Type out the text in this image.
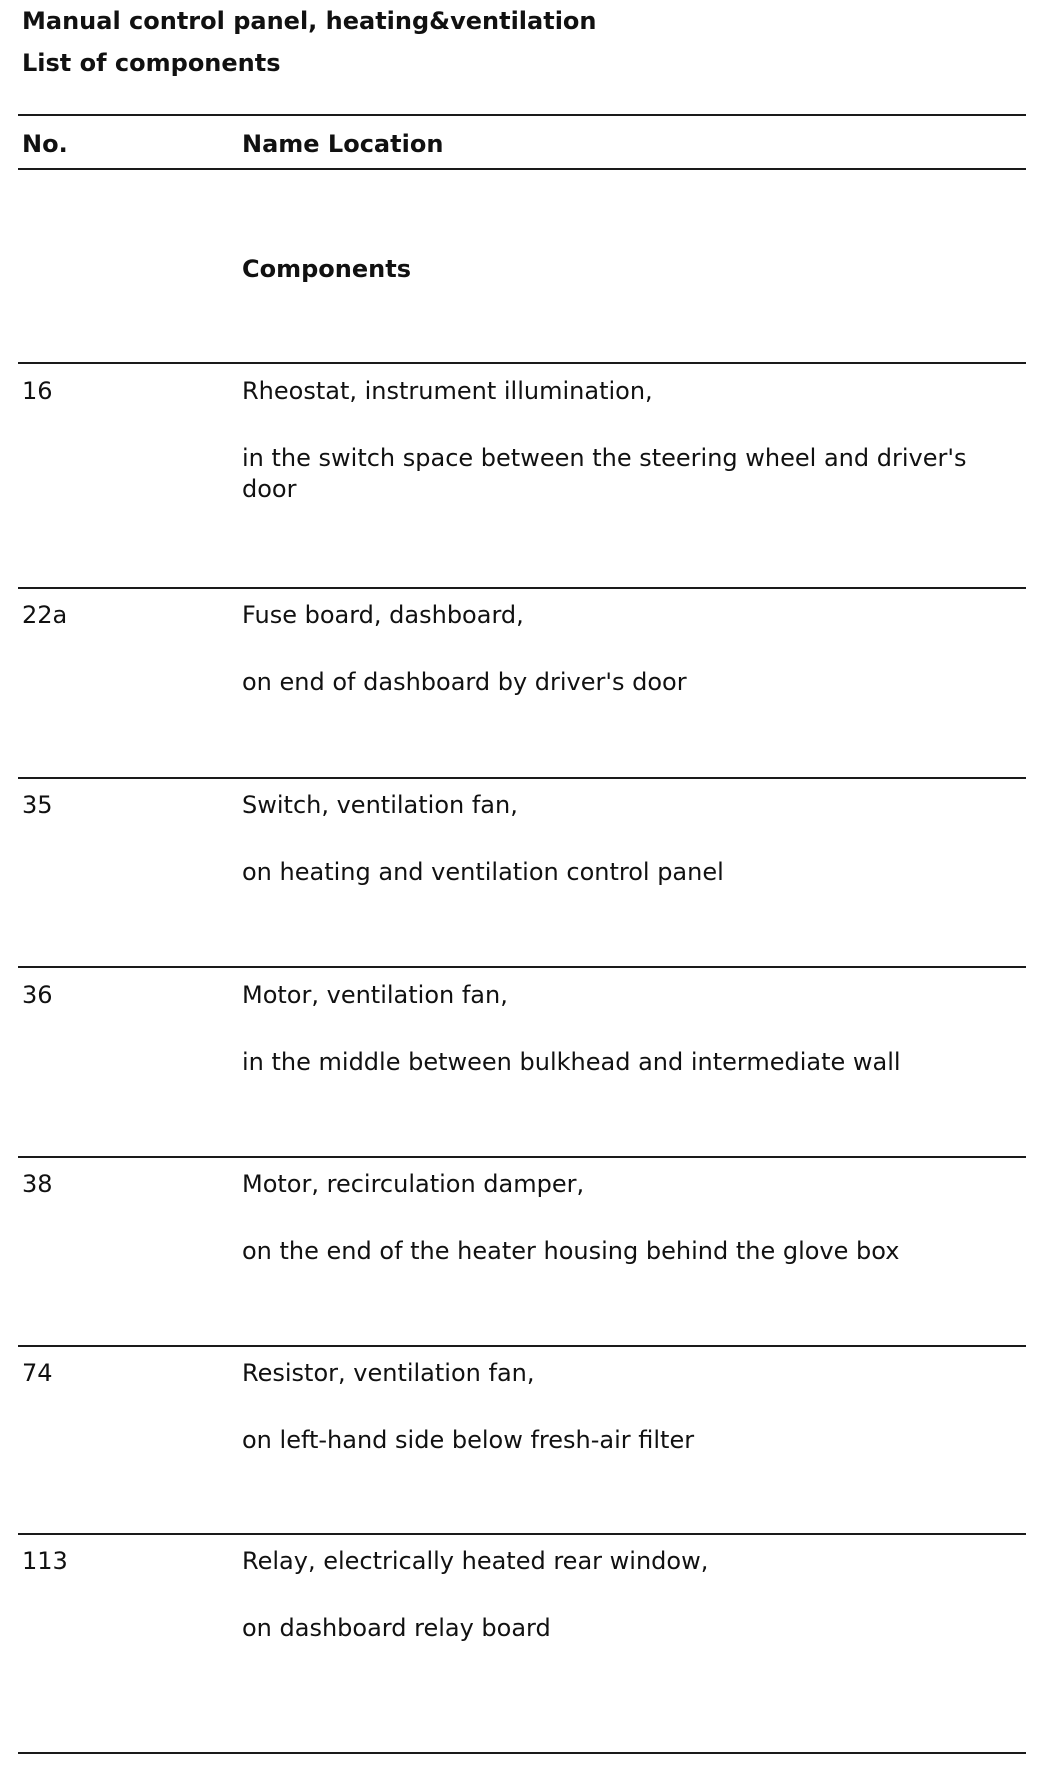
Manual control panel, heating&ventilation
List of components
No.	Name Location
Components
16	Rheostat, instrument illumination,
in the switch space between the steering wheel and driver's door
22a	Fuse board, dashboard,
on end of dashboard by driver's door
35	Switch, ventilation fan,
on heating and ventilation control panel
36	Motor, ventilation fan,
in the middle between bulkhead and intermediate wall
38	Motor, recirculation damper,
on the end of the heater housing behind the glove box
74	Resistor, ventilation fan,
on left-hand side below fresh-air filter
113	Relay, electrically heated rear window,
on dashboard relay board
